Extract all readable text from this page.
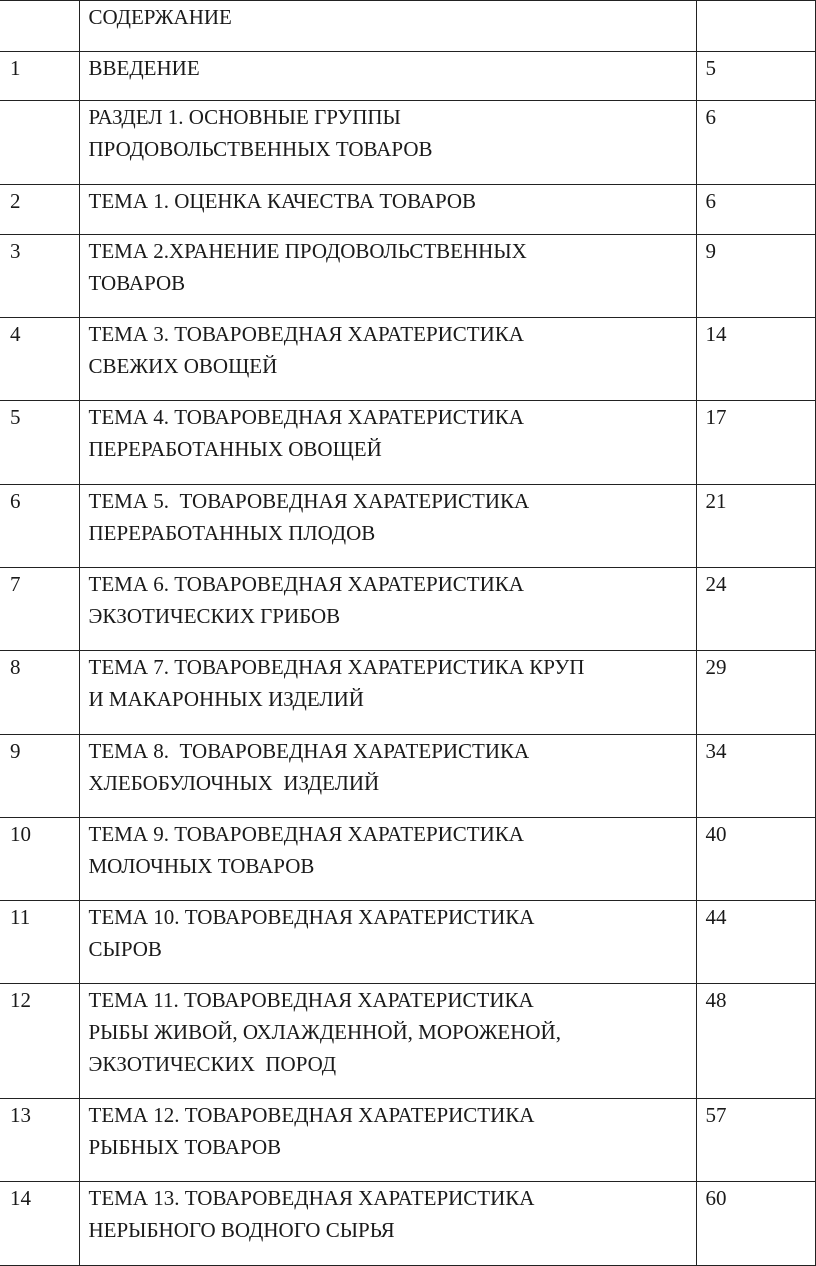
	СОДЕРЖАНИЕ	

1	ВВЕДЕНИЕ	5

	РАЗДЕЛ 1. ОСНОВНЫЕ ГРУППЫ
ПРОДОВОЛЬСТВЕННЫХ ТОВАРОВ	6

2	ТЕМА 1. ОЦЕНКА КАЧЕСТВА ТОВАРОВ	6

3	ТЕМА 2.ХРАНЕНИЕ ПРОДОВОЛЬСТВЕННЫХ
ТОВАРОВ	9

4	ТЕМА 3. ТОВАРОВЕДНАЯ ХАРАТЕРИСТИКА
СВЕЖИХ ОВОЩЕЙ	14

5	ТЕМА 4. ТОВАРОВЕДНАЯ ХАРАТЕРИСТИКА
ПЕРЕРАБОТАННЫХ ОВОЩЕЙ	17

6	ТЕМА 5.  ТОВАРОВЕДНАЯ ХАРАТЕРИСТИКА
ПЕРЕРАБОТАННЫХ ПЛОДОВ	21

7	ТЕМА 6. ТОВАРОВЕДНАЯ ХАРАТЕРИСТИКА
ЭКЗОТИЧЕСКИХ ГРИБОВ	24

8	ТЕМА 7. ТОВАРОВЕДНАЯ ХАРАТЕРИСТИКА КРУП
И МАКАРОННЫХ ИЗДЕЛИЙ	29

9	ТЕМА 8.  ТОВАРОВЕДНАЯ ХАРАТЕРИСТИКА
ХЛЕБОБУЛОЧНЫХ  ИЗДЕЛИЙ	34

10	ТЕМА 9. ТОВАРОВЕДНАЯ ХАРАТЕРИСТИКА
МОЛОЧНЫХ ТОВАРОВ	40

11	ТЕМА 10. ТОВАРОВЕДНАЯ ХАРАТЕРИСТИКА
СЫРОВ	44

12	ТЕМА 11. ТОВАРОВЕДНАЯ ХАРАТЕРИСТИКА
РЫБЫ ЖИВОЙ, ОХЛАЖДЕННОЙ, МОРОЖЕНОЙ,
ЭКЗОТИЧЕСКИХ  ПОРОД	48

13	ТЕМА 12. ТОВАРОВЕДНАЯ ХАРАТЕРИСТИКА
РЫБНЫХ ТОВАРОВ	57

14	ТЕМА 13. ТОВАРОВЕДНАЯ ХАРАТЕРИСТИКА
НЕРЫБНОГО ВОДНОГО СЫРЬЯ	60
